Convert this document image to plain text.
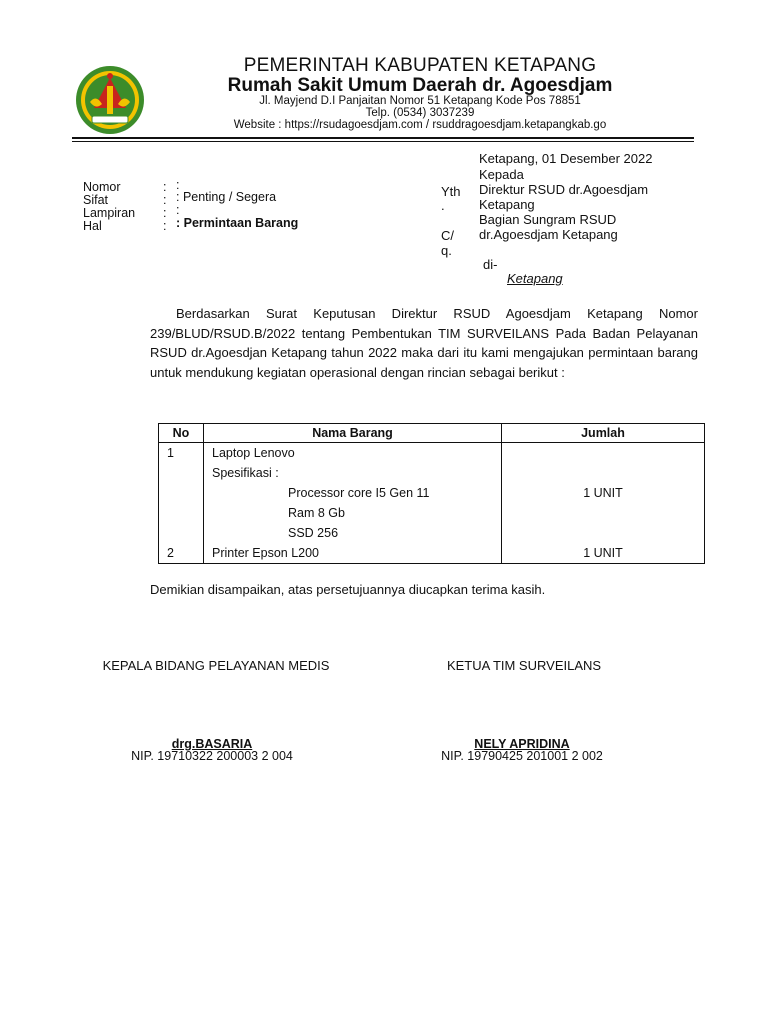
PEMERINTAH KABUPATEN KETAPANG
Rumah Sakit Umum Daerah dr. Agoesdjam
Jl. Mayjend D.I Panjaitan Nomor 51 Ketapang Kode Pos 78851
Telp. (0534) 3037239
Website : https://rsudagoesdjam.com / rsuddragoesdjam.ketapangkab.go
Nomor	: :
Sifat	: : Penting / Segera
Lampiran : :
Hal	: : Permintaan Barang
Ketapang, 01 Desember 2022
Kepada
Yth
.
Direktur RSUD dr.Agoesdjam
Ketapang
Bagian Sungram RSUD
C/ dr.Agoesdjam Ketapang
q.
di-
Ketapang
Berdasarkan Surat Keputusan Direktur RSUD Agoesdjam Ketapang Nomor 239/BLUD/RSUD.B/2022 tentang Pembentukan TIM SURVEILANS Pada Badan Pelayanan RSUD dr.Agoesdjan Ketapang tahun 2022 maka dari itu kami mengajukan permintaan barang untuk mendukung kegiatan operasional dengan rincian sebagai berikut :
No	Nama Barang	Jumlah

1	Laptop Lenovo
Spesifikasi :
Processor core I5 Gen 11
Ram 8 Gb
SSD 256	1 UNIT

2	Printer Epson L200	1 UNIT
Demikian disampaikan, atas persetujuannya diucapkan terima kasih.
KEPALA BIDANG PELAYANAN MEDIS
drg.BASARIA
NIP. 19710322 200003 2 004
KETUA TIM SURVEILANS
NELY APRIDINA
NIP. 19790425 201001 2 002
